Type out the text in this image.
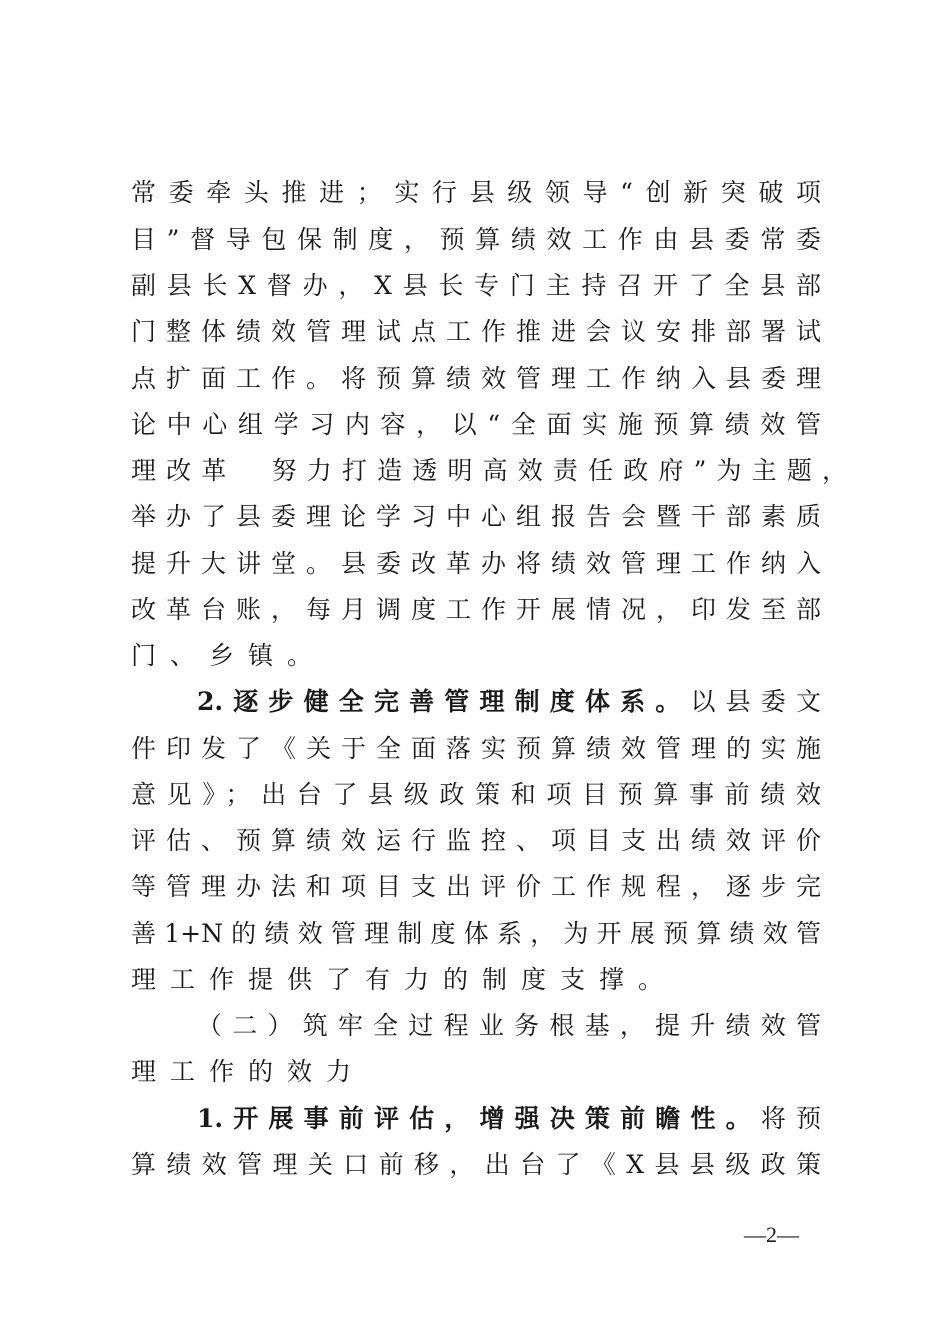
常委牵头推进；实行县级领导“创新突破项
目”督导包保制度，预算绩效工作由县委常委
副县长X督办，X县长专门主持召开了全县部
门整体绩效管理试点工作推进会议安排部署试
点扩面工作。将预算绩效管理工作纳入县委理
论中心组学习内容，以“全面实施预算绩效管
理改革　努力打造透明高效责任政府”为主题，
举办了县委理论学习中心组报告会暨干部素质
提升大讲堂。县委改革办将绩效管理工作纳入
改革台账，每月调度工作开展情况，印发至部
门、乡镇。
2.逐步健全完善管理制度体系。以县委文
件印发了《关于全面落实预算绩效管理的实施
意见》；出台了县级政策和项目预算事前绩效
评估、预算绩效运行监控、项目支出绩效评价
等管理办法和项目支出评价工作规程，逐步完
善1+N的绩效管理制度体系，为开展预算绩效管
理工作提供了有力的制度支撑。
（二）筑牢全过程业务根基，提升绩效管
理工作的效力
1.开展事前评估，增强决策前瞻性。将预
算绩效管理关口前移，出台了《X县县级政策
—2—
